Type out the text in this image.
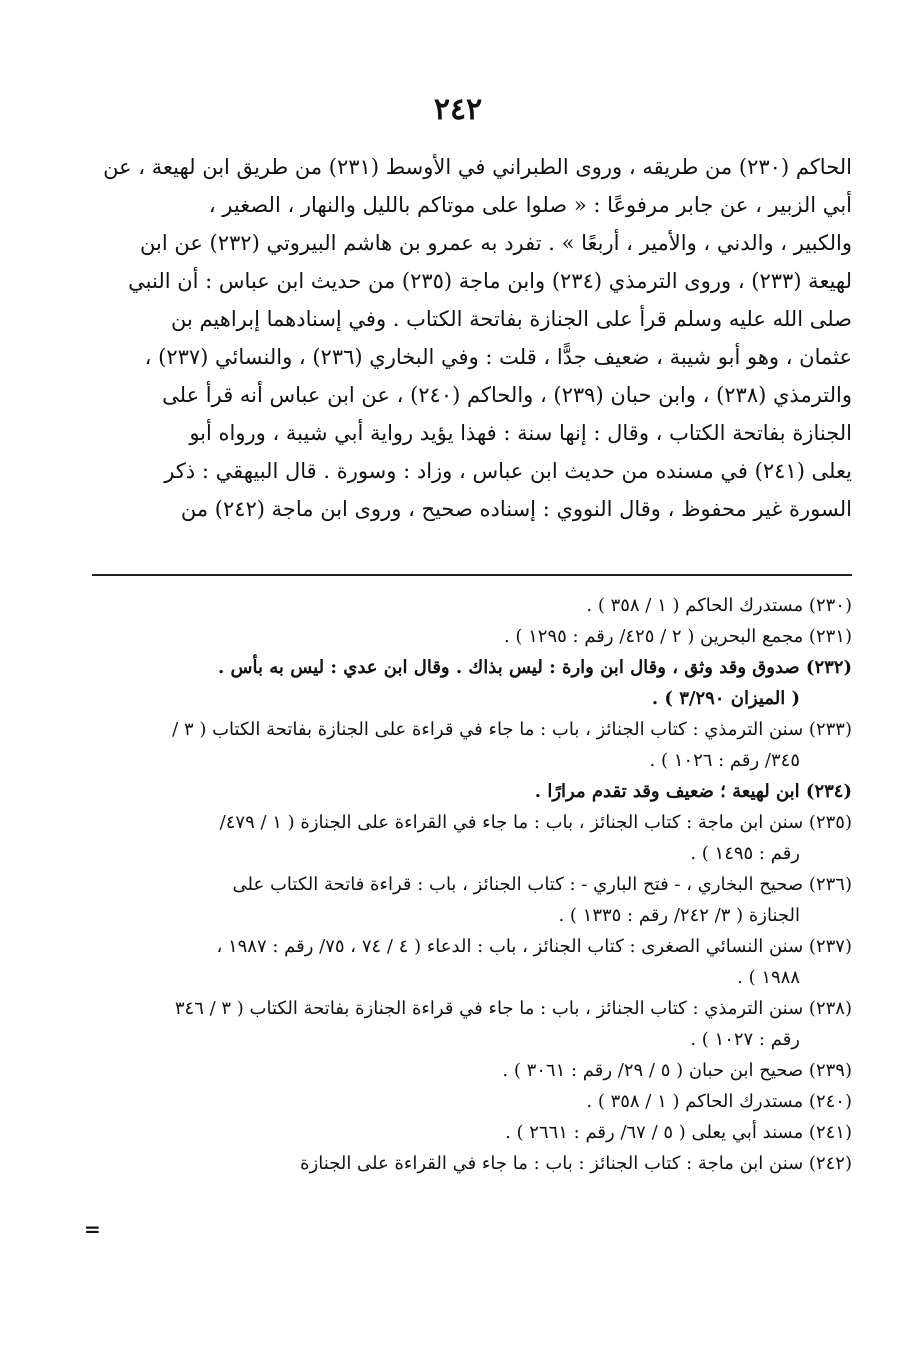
٢٤٢
الحاكم (٢٣٠) من طريقه ، وروى الطبراني في الأوسط (٢٣١) من طريق ابن لهيعة ، عن
أبي الزبير ، عن جابر مرفوعًا : « صلوا على موتاكم بالليل والنهار ، الصغير ،
والكبير ، والدني ، والأمير ، أربعًا » . تفرد به عمرو بن هاشم البيروتي (٢٣٢) عن ابن
لهيعة (٢٣٣) ، وروى الترمذي (٢٣٤) وابن ماجة (٢٣٥) من حديث ابن عباس : أن النبي
صلى الله عليه وسلم قرأ على الجنازة بفاتحة الكتاب . وفي إسنادهما إبراهيم بن
عثمان ، وهو أبو شيبة ، ضعيف جدًّا ، قلت : وفي البخاري (٢٣٦) ، والنسائي (٢٣٧) ،
والترمذي (٢٣٨) ، وابن حبان (٢٣٩) ، والحاكم (٢٤٠) ، عن ابن عباس أنه قرأ على
الجنازة بفاتحة الكتاب ، وقال : إنها سنة : فهذا يؤيد رواية أبي شيبة ، ورواه أبو
يعلى (٢٤١) في مسنده من حديث ابن عباس ، وزاد : وسورة . قال البيهقي : ذكر
السورة غير محفوظ ، وقال النووي : إسناده صحيح ، وروى ابن ماجة (٢٤٢) من
(٢٣٠) مستدرك الحاكم ( ١ / ٣٥٨ ) .
(٢٣١) مجمع البحرين ( ٢ / ٤٢٥/ رقم : ١٢٩٥ ) .
(٢٣٢) صدوق وقد وثق ، وقال ابن وارة : ليس بذاك . وقال ابن عدي : ليس به بأس .
( الميزان ٣/٢٩٠ ) .
(٢٣٣) سنن الترمذي : كتاب الجنائز ، باب : ما جاء في قراءة على الجنازة بفاتحة الكتاب ( ٣ /
٣٤٥/ رقم : ١٠٢٦ ) .
(٢٣٤) ابن لهيعة ؛ ضعيف وقد تقدم مرارًا .
(٢٣٥) سنن ابن ماجة : كتاب الجنائز ، باب : ما جاء في القراءة على الجنازة ( ١ / ٤٧٩/
رقم : ١٤٩٥ ) .
(٢٣٦) صحيح البخاري ، - فتح الباري - : كتاب الجنائز ، باب : قراءة فاتحة الكتاب على
الجنازة ( ٣/ ٢٤٢/ رقم : ١٣٣٥ ) .
(٢٣٧) سنن النسائي الصغرى : كتاب الجنائز ، باب : الدعاء ( ٤ / ٧٤ ، ٧٥/ رقم : ١٩٨٧ ،
١٩٨٨ ) .
(٢٣٨) سنن الترمذي : كتاب الجنائز ، باب : ما جاء في قراءة الجنازة بفاتحة الكتاب ( ٣ / ٣٤٦
رقم : ١٠٢٧ ) .
(٢٣٩) صحيح ابن حبان ( ٥ / ٢٩/ رقم : ٣٠٦١ ) .
(٢٤٠) مستدرك الحاكم ( ١ / ٣٥٨ ) .
(٢٤١) مسند أبي يعلى ( ٥ / ٦٧/ رقم : ٢٦٦١ ) .
(٢٤٢) سنن ابن ماجة : كتاب الجنائز : باب : ما جاء في القراءة على الجنازة
=
